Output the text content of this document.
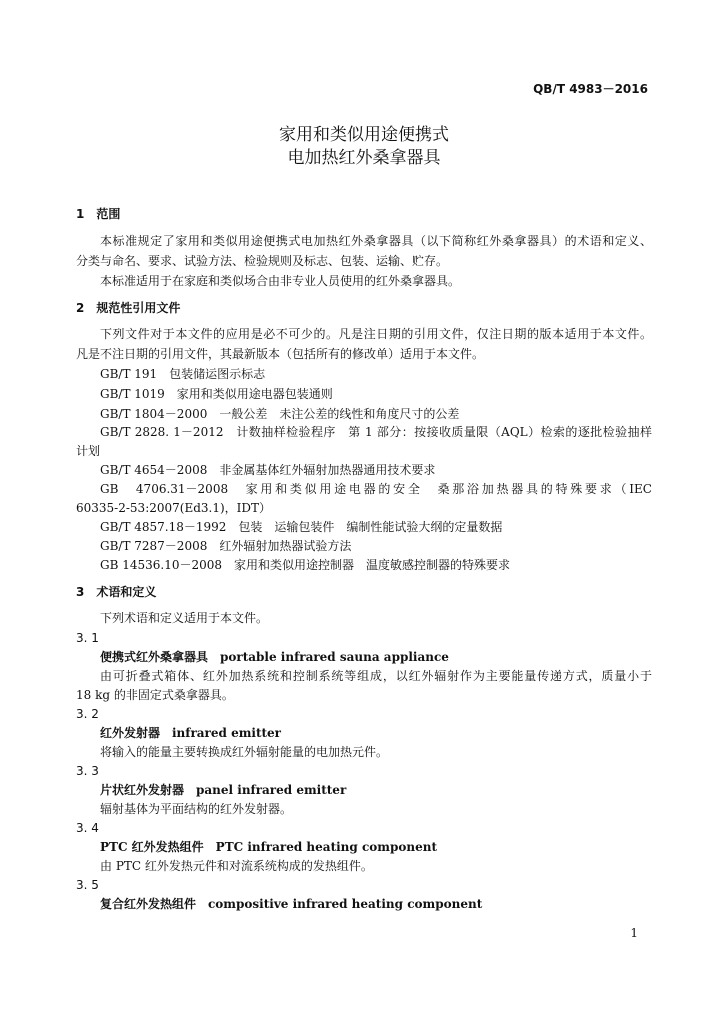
QB/T 4983－2016
家用和类似用途便携式
电加热红外桑拿器具
1　范围
本标准规定了家用和类似用途便携式电加热红外桑拿器具（以下简称红外桑拿器具）的术语和定义、
分类与命名、要求、试验方法、检验规则及标志、包装、运输、贮存。
本标准适用于在家庭和类似场合由非专业人员使用的红外桑拿器具。
2　规范性引用文件
下列文件对于本文件的应用是必不可少的。凡是注日期的引用文件，仅注日期的版本适用于本文件。
凡是不注日期的引用文件，其最新版本（包括所有的修改单）适用于本文件。
GB/T 191　包装储运图示标志
GB/T 1019　家用和类似用途电器包装通则
GB/T 1804－2000　一般公差　未注公差的线性和角度尺寸的公差
GB/T 2828. 1－2012　计数抽样检验程序　第 1 部分：按接收质量限（AQL）检索的逐批检验抽样
计划
GB/T 4654－2008　非金属基体红外辐射加热器通用技术要求
GB　4706.31－2008　家用和类似用途电器的安全　桑那浴加热器具的特殊要求（IEC
60335-2-53:2007(Ed3.1)，IDT）
GB/T 4857.18－1992　包装　运输包装件　编制性能试验大纲的定量数据
GB/T 7287－2008　红外辐射加热器试验方法
GB 14536.10－2008　家用和类似用途控制器　温度敏感控制器的特殊要求
3　术语和定义
下列术语和定义适用于本文件。
3. 1
便携式红外桑拿器具　portable infrared sauna appliance
由可折叠式箱体、红外加热系统和控制系统等组成，以红外辐射作为主要能量传递方式，质量小于
18 kg 的非固定式桑拿器具。
3. 2
红外发射器　infrared emitter
将输入的能量主要转换成红外辐射能量的电加热元件。
3. 3
片状红外发射器　panel infrared emitter
辐射基体为平面结构的红外发射器。
3. 4
PTC 红外发热组件　PTC infrared heating component
由 PTC 红外发热元件和对流系统构成的发热组件。
3. 5
复合红外发热组件　compositive infrared heating component
1
